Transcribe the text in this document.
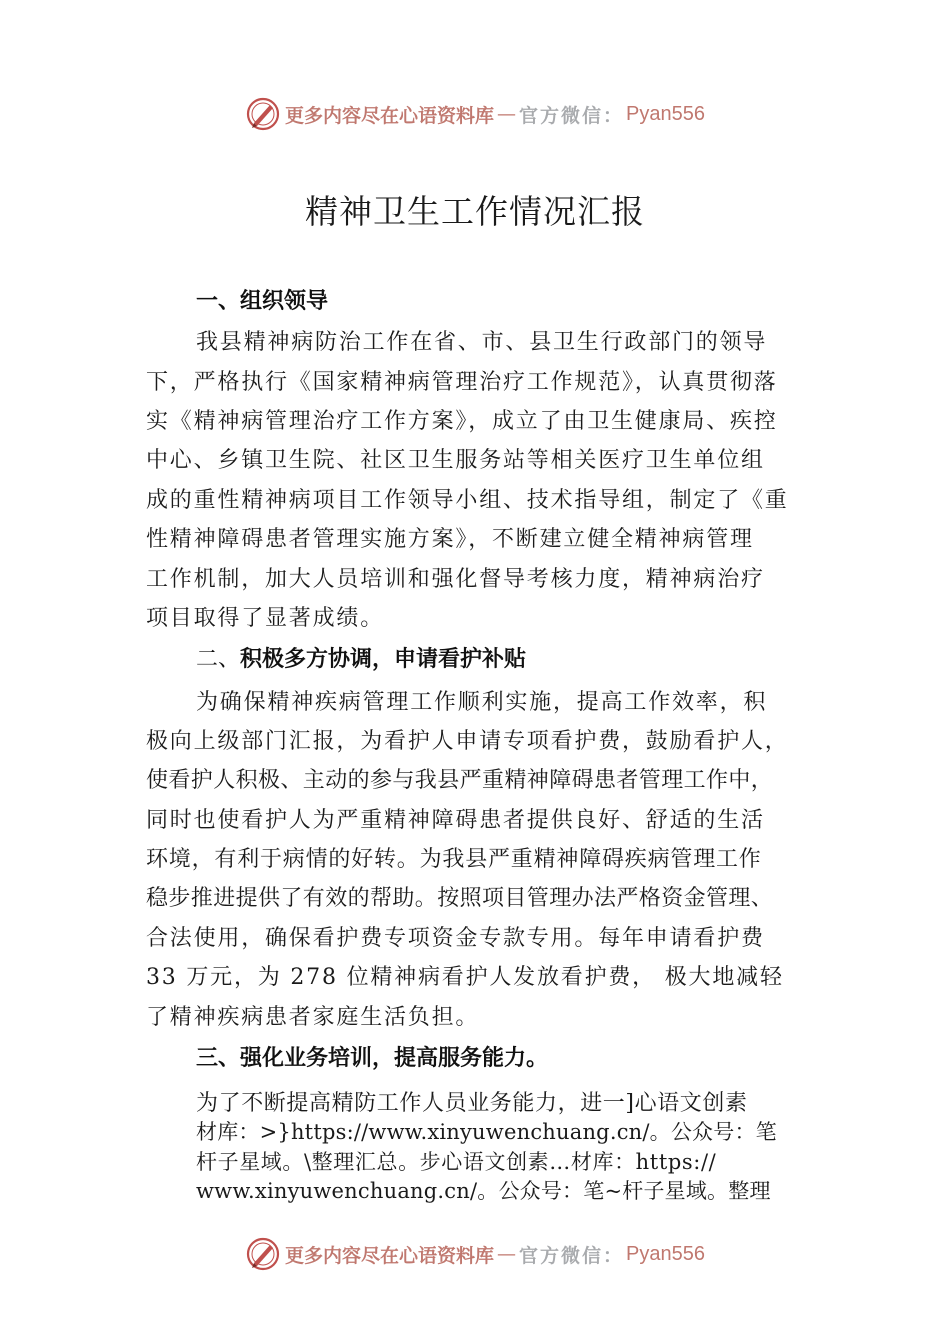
更多内容尽在心语资料库 — 官方微信： Pyan556
精神卫生工作情况汇报
一、组织领导
我县精神病防治工作在省、市、县卫生行政部门的领导
下，严格执行《国家精神病管理治疗工作规范》，认真贯彻落
实《精神病管理治疗工作方案》，成立了由卫生健康局、疾控
中心、乡镇卫生院、社区卫生服务站等相关医疗卫生单位组
成的重性精神病项目工作领导小组、技术指导组，制定了《重
性精神障碍患者管理实施方案》，不断建立健全精神病管理
工作机制，加大人员培训和强化督导考核力度，精神病治疗
项目取得了显著成绩。
二、积极多方协调，申请看护补贴
为确保精神疾病管理工作顺利实施，提高工作效率，积
极向上级部门汇报，为看护人申请专项看护费，鼓励看护人，
使看护人积极、主动的参与我县严重精神障碍患者管理工作中，
同时也使看护人为严重精神障碍患者提供良好、舒适的生活
环境，有利于病情的好转。为我县严重精神障碍疾病管理工作
稳步推进提供了有效的帮助。按照项目管理办法严格资金管理、
合法使用，确保看护费专项资金专款专用。每年申请看护费
33 万元，为 278 位精神病看护人发放看护费， 极大地减轻
了精神疾病患者家庭生活负担。
三、强化业务培训，提高服务能力。
为了不断提高精防工作人员业务能力，进一]心语文创素
材库：>}https://www.xinyuwenchuang.cn/。公众号：笔
杆子星域。\整理汇总。步心语文创素…材库：https://
www.xinyuwenchuang.cn/。公众号：笔~杆子星域。整理
更多内容尽在心语资料库 — 官方微信： Pyan556
